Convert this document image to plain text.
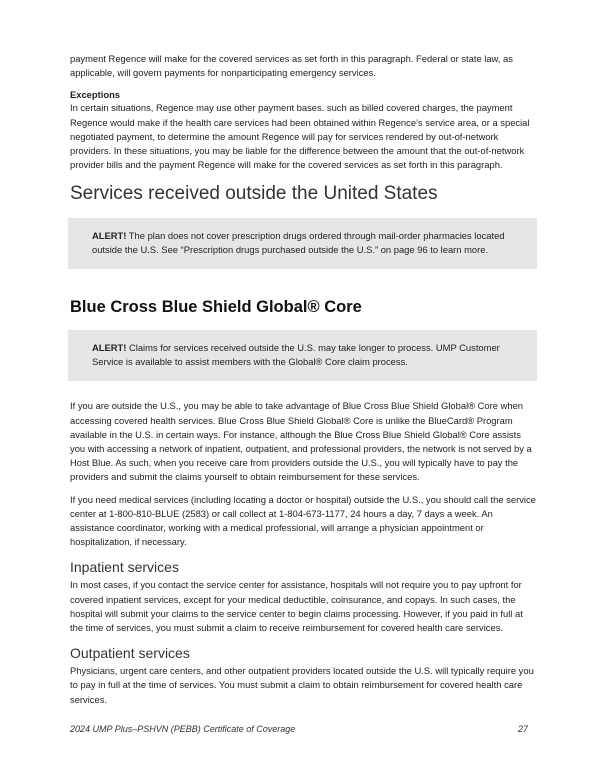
payment Regence will make for the covered services as set forth in this paragraph. Federal or state law, as applicable, will govern payments for nonparticipating emergency services.

Exceptions

In certain situations, Regence may use other payment bases. such as billed covered charges, the payment Regence would make if the health care services had been obtained within Regence’s service area, or a special negotiated payment, to determine the amount Regence will pay for services rendered by out-of-network providers. In these situations, you may be liable for the difference between the amount that the out-of-network provider bills and the payment Regence will make for the covered services as set forth in this paragraph.

Services received outside the United States

ALERT! The plan does not cover prescription drugs ordered through mail-order pharmacies located outside the U.S. See “Prescription drugs purchased outside the U.S.” on page 96 to learn more.

Blue Cross Blue Shield Global® Core

ALERT! Claims for services received outside the U.S. may take longer to process. UMP Customer Service is available to assist members with the Global® Core claim process.

If you are outside the U.S., you may be able to take advantage of Blue Cross Blue Shield Global® Core when accessing covered health services. Blue Cross Blue Shield Global® Core is unlike the BlueCard® Program available in the U.S. in certain ways. For instance, although the Blue Cross Blue Shield Global® Core assists you with accessing a network of inpatient, outpatient, and professional providers, the network is not served by a Host Blue. As such, when you receive care from providers outside the U.S., you will typically have to pay the providers and submit the claims yourself to obtain reimbursement for these services.

If you need medical services (including locating a doctor or hospital) outside the U.S., you should call the service center at 1-800-810-BLUE (2583) or call collect at 1-804-673-1177, 24 hours a day, 7 days a week. An assistance coordinator, working with a medical professional, will arrange a physician appointment or hospitalization, if necessary.

Inpatient services

In most cases, if you contact the service center for assistance, hospitals will not require you to pay upfront for covered inpatient services, except for your medical deductible, coinsurance, and copays. In such cases, the hospital will submit your claims to the service center to begin claims processing. However, if you paid in full at the time of services, you must submit a claim to receive reimbursement for covered health care services.

Outpatient services

Physicians, urgent care centers, and other outpatient providers located outside the U.S. will typically require you to pay in full at the time of services. You must submit a claim to obtain reimbursement for covered health care services.

2024 UMP Plus–PSHVN (PEBB) Certificate of Coverage	27
